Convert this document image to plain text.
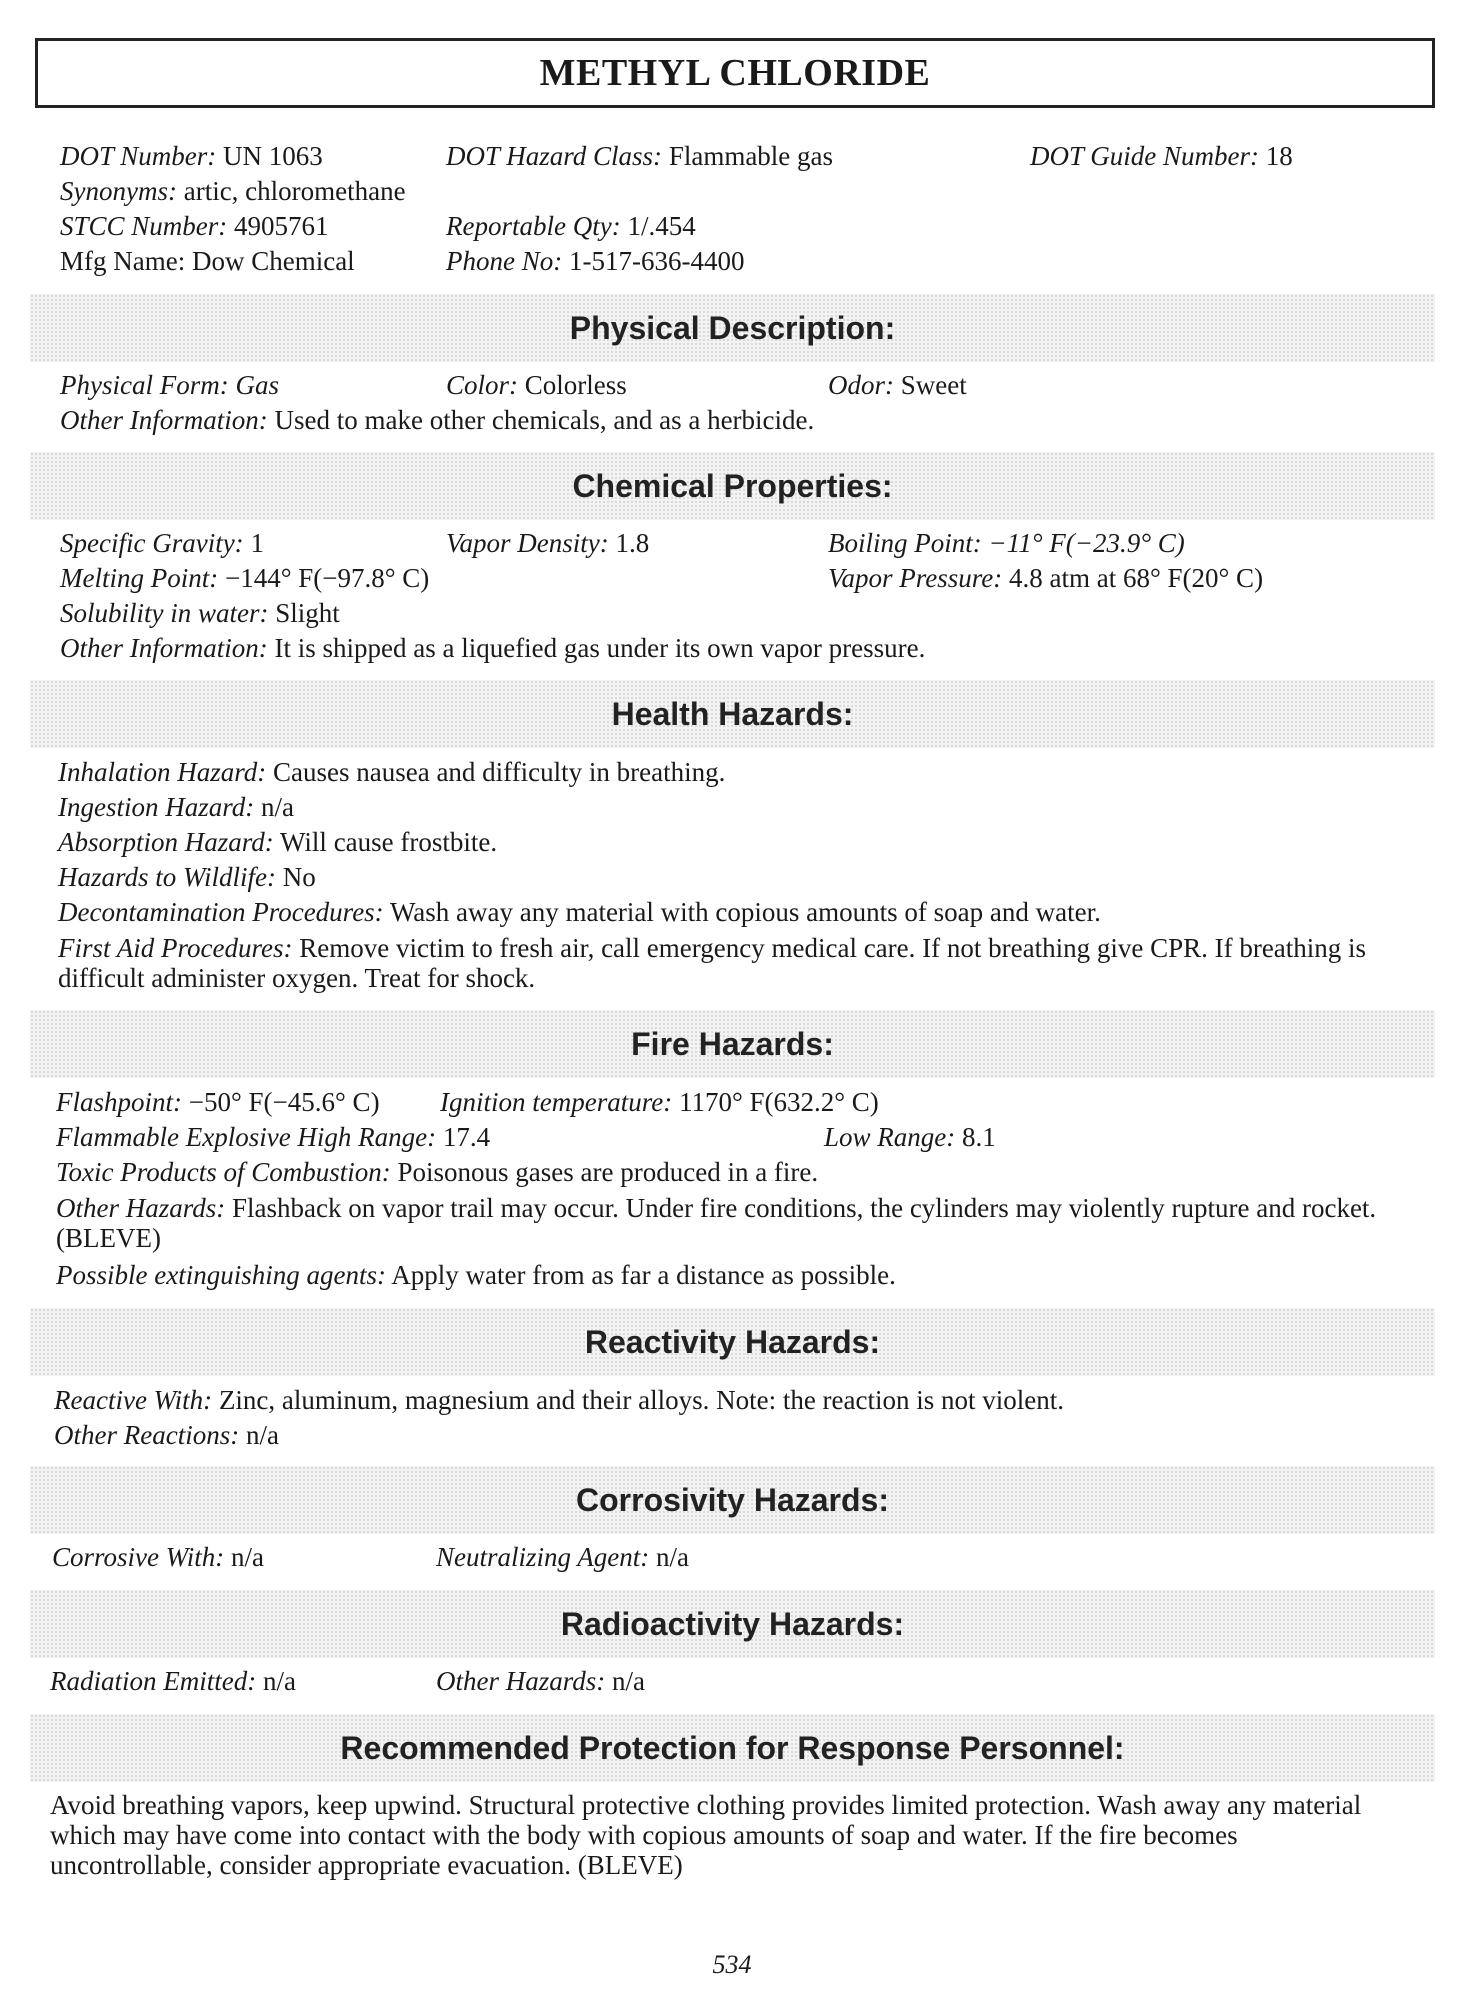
METHYL CHLORIDE
DOT Number: UN 1063	DOT Hazard Class: Flammable gas	DOT Guide Number: 18
Synonyms: artic, chloromethane
STCC Number: 4905761	Reportable Qty: 1/.454
Mfg Name: Dow Chemical	Phone No: 1-517-636-4400
Physical Description:
Physical Form: Gas	Color: Colorless	Odor: Sweet
Other Information: Used to make other chemicals, and as a herbicide.
Chemical Properties:
Specific Gravity: 1	Vapor Density: 1.8	Boiling Point: −11° F(−23.9° C)
Melting Point: −144° F(−97.8° C)	Vapor Pressure: 4.8 atm at 68° F(20° C)
Solubility in water: Slight
Other Information: It is shipped as a liquefied gas under its own vapor pressure.
Health Hazards:
Inhalation Hazard: Causes nausea and difficulty in breathing.
Ingestion Hazard: n/a
Absorption Hazard: Will cause frostbite.
Hazards to Wildlife: No
Decontamination Procedures: Wash away any material with copious amounts of soap and water.
First Aid Procedures: Remove victim to fresh air, call emergency medical care. If not breathing give CPR. If breathing is difficult administer oxygen. Treat for shock.
Fire Hazards:
Flashpoint: −50° F(−45.6° C) Ignition temperature: 1170° F(632.2° C)
Flammable Explosive High Range: 17.4	Low Range: 8.1
Toxic Products of Combustion: Poisonous gases are produced in a fire.
Other Hazards: Flashback on vapor trail may occur. Under fire conditions, the cylinders may violently rupture and rocket. (BLEVE)
Possible extinguishing agents: Apply water from as far a distance as possible.
Reactivity Hazards:
Reactive With: Zinc, aluminum, magnesium and their alloys. Note: the reaction is not violent.
Other Reactions: n/a
Corrosivity Hazards:
Corrosive With: n/a	Neutralizing Agent: n/a
Radioactivity Hazards:
Radiation Emitted: n/a	Other Hazards: n/a
Recommended Protection for Response Personnel:
Avoid breathing vapors, keep upwind. Structural protective clothing provides limited protection. Wash away any material which may have come into contact with the body with copious amounts of soap and water. If the fire becomes uncontrollable, consider appropriate evacuation. (BLEVE)
534
